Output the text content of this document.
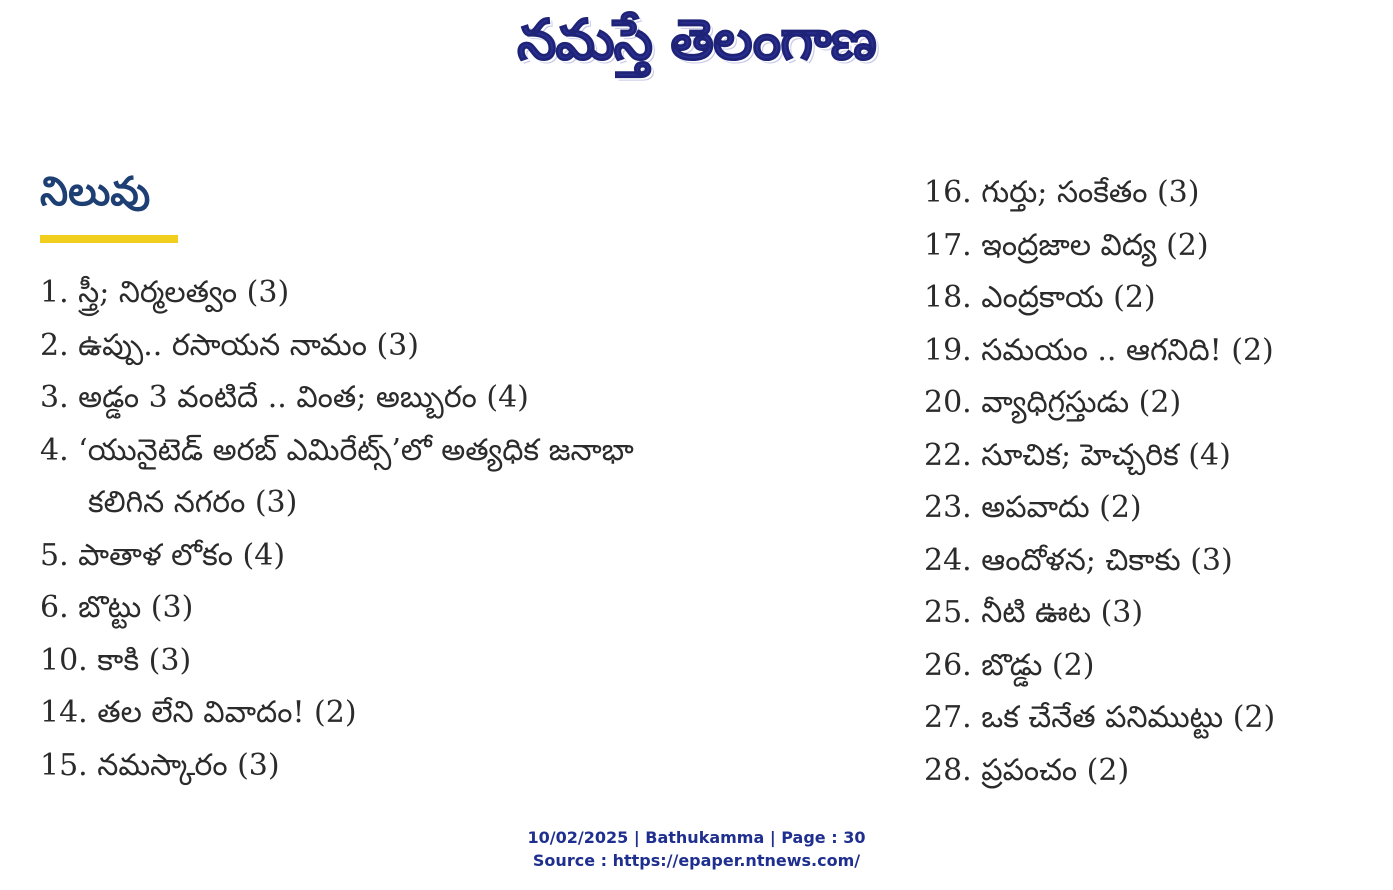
నమస్తే తెలంగాణ
నిలువు
1. స్త్రీ; నిర్మలత్వం (3)
2. ఉప్పు.. రసాయన నామం (3)
3. అడ్డం 3 వంటిదే .. వింత; అబ్బురం (4)
4. ‘యునైటెడ్ అరబ్ ఎమిరేట్స్’లో అత్యధిక జనాభా
కలిగిన నగరం (3)
5. పాతాళ లోకం (4)
6. బొట్టు (3)
10. కాకి (3)
14. తల లేని వివాదం! (2)
15. నమస్కారం (3)
16. గుర్తు; సంకేతం (3)
17. ఇంద్రజాల విద్య (2)
18. ఎంద్రకాయ (2)
19. సమయం .. ఆగనిది! (2)
20. వ్యాధిగ్రస్తుడు (2)
22. సూచిక; హెచ్చరిక (4)
23. అపవాదు (2)
24. ఆందోళన; చికాకు (3)
25. నీటి ఊట (3)
26. బొడ్డు (2)
27. ఒక చేనేత పనిముట్టు (2)
28. ప్రపంచం (2)
10/02/2025 | Bathukamma | Page : 30
Source : https://epaper.ntnews.com/
